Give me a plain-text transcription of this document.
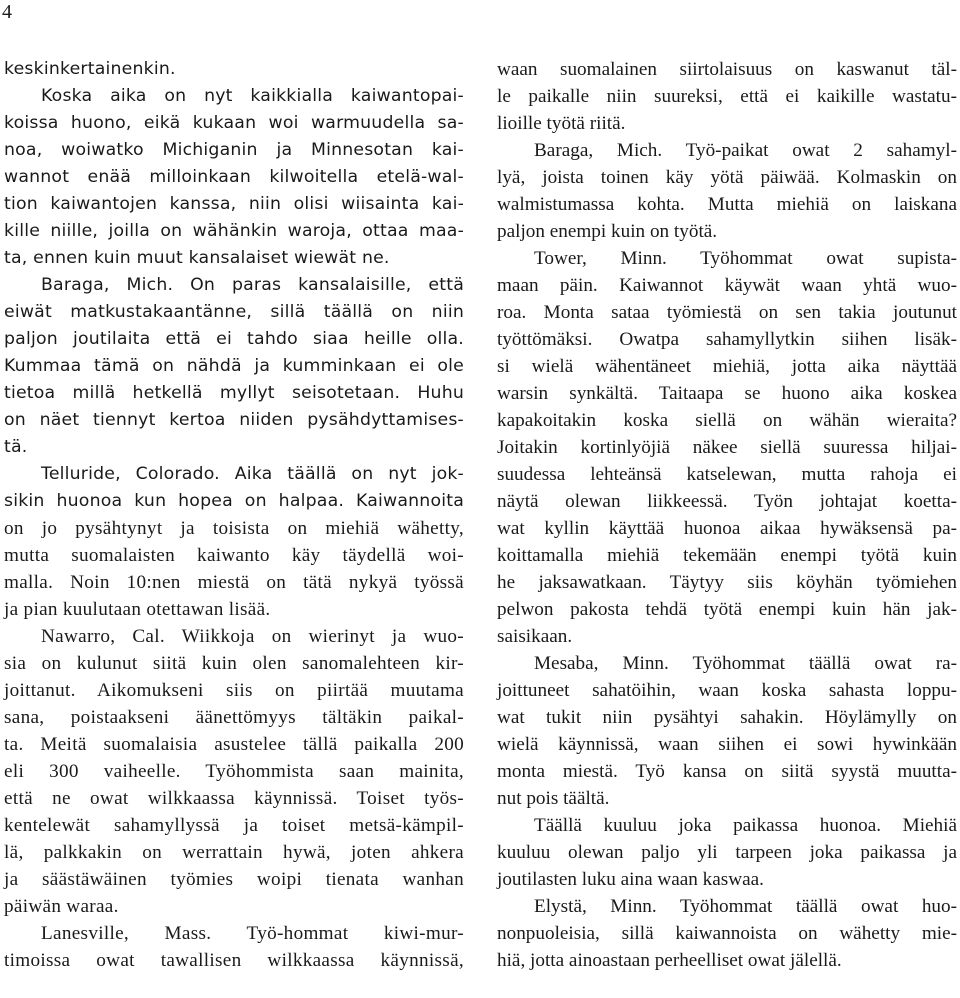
4
keskinkertainenkin.
Koska aika on nyt kaikkialla kaiwantopai-
koissa huono, eikä kukaan woi warmuudella sa-
noa, woiwatko Michiganin ja Minnesotan kai-
wannot enää milloinkaan kilwoitella etelä-wal-
tion kaiwantojen kanssa, niin olisi wiisainta kai-
kille niille, joilla on wähänkin waroja, ottaa maa-
ta, ennen kuin muut kansalaiset wiewät ne.
Baraga, Mich. On paras kansalaisille, että
eiwät matkustakaantänne, sillä täällä on niin
paljon joutilaita että ei tahdo siaa heille olla.
Kummaa tämä on nähdä ja kumminkaan ei ole
tietoa millä hetkellä myllyt seisotetaan. Huhu
on näet tiennyt kertoa niiden pysähdyttamises-
tä.
Telluride, Colorado. Aika täällä on nyt jok-
sikin huonoa kun hopea on halpaa. Kaiwannoita
on jo pysähtynyt ja toisista on miehiä wähetty,
mutta suomalaisten kaiwanto käy täydellä woi-
malla. Noin 10:nen miestä on tätä nykyä työssä
ja pian kuulutaan otettawan lisää.
Nawarro, Cal. Wiikkoja on wierinyt ja wuo-
sia on kulunut siitä kuin olen sanomalehteen kir-
joittanut. Aikomukseni siis on piirtää muutama
sana, poistaakseni äänettömyys tältäkin paikal-
ta. Meitä suomalaisia asustelee tällä paikalla 200
eli 300 vaiheelle. Työhommista saan mainita,
että ne owat wilkkaassa käynnissä. Toiset työs-
kentelewät sahamyllyssä ja toiset metsä-kämpil-
lä, palkkakin on werrattain hywä, joten ahkera
ja säästäwäinen työmies woipi tienata wanhan
päiwän waraa.
Lanesville, Mass. Työ-hommat kiwi-mur-
timoissa owat tawallisen wilkkaassa käynnissä,
waan suomalainen siirtolaisuus on kaswanut täl-
le paikalle niin suureksi, että ei kaikille wastatu-
lioille työtä riitä.
Baraga, Mich. Työ-paikat owat 2 sahamyl-
lyä, joista toinen käy yötä päiwää. Kolmaskin on
walmistumassa kohta. Mutta miehiä on laiskana
paljon enempi kuin on työtä.
Tower, Minn. Työhommat owat supista-
maan päin. Kaiwannot käywät waan yhtä wuo-
roa. Monta sataa työmiestä on sen takia joutunut
työttömäksi. Owatpa sahamyllytkin siihen lisäk-
si wielä wähentäneet miehiä, jotta aika näyttää
warsin synkältä. Taitaapa se huono aika koskea
kapakoitakin koska siellä on wähän wieraita?
Joitakin kortinlyöjiä näkee siellä suuressa hiljai-
suudessa lehteänsä katselewan, mutta rahoja ei
näytä olewan liikkeessä. Työn johtajat koetta-
wat kyllin käyttää huonoa aikaa hywäksensä pa-
koittamalla miehiä tekemään enempi työtä kuin
he jaksawatkaan. Täytyy siis köyhän työmiehen
pelwon pakosta tehdä työtä enempi kuin hän jak-
saisikaan.
Mesaba, Minn. Työhommat täällä owat ra-
joittuneet sahatöihin, waan koska sahasta loppu-
wat tukit niin pysähtyi sahakin. Höylämylly on
wielä käynnissä, waan siihen ei sowi hywinkään
monta miestä. Työ kansa on siitä syystä muutta-
nut pois täältä.
Täällä kuuluu joka paikassa huonoa. Miehiä
kuuluu olewan paljo yli tarpeen joka paikassa ja
joutilasten luku aina waan kaswaa.
Elystä, Minn. Työhommat täällä owat huo-
nonpuoleisia, sillä kaiwannoista on wähetty mie-
hiä, jotta ainoastaan perheelliset owat jälellä.
